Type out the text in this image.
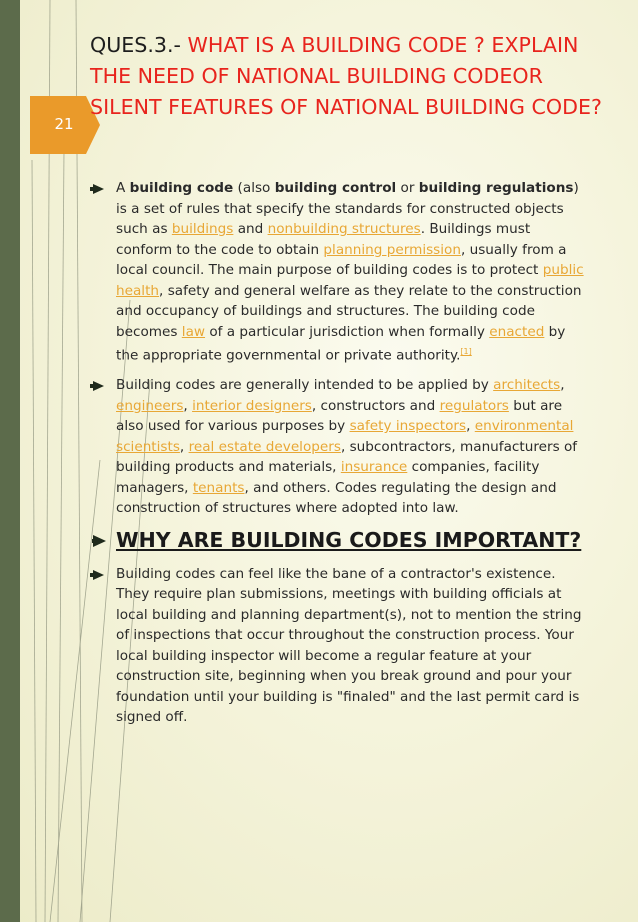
21
QUES.3.- WHAT IS A BUILDING CODE ? EXPLAIN THE NEED OF NATIONAL BUILDING CODEOR SILENT FEATURES OF NATIONAL BUILDING CODE?
A building code (also building control or building regulations) is a set of rules that specify the standards for constructed objects such as buildings and nonbuilding structures. Buildings must conform to the code to obtain planning permission, usually from a local council. The main purpose of building codes is to protect public health, safety and general welfare as they relate to the construction and occupancy of buildings and structures. The building code becomes law of a particular jurisdiction when formally enacted by the appropriate governmental or private authority.[1]
Building codes are generally intended to be applied by architects, engineers, interior designers, constructors and regulators but are also used for various purposes by safety inspectors, environmental scientists, real estate developers, subcontractors, manufacturers of building products and materials, insurance companies, facility managers, tenants, and others. Codes regulating the design and construction of structures where adopted into law.
WHY ARE BUILDING CODES IMPORTANT?
Building codes can feel like the bane of a contractor's existence. They require plan submissions, meetings with building officials at local building and planning department(s), not to mention the string of inspections that occur throughout the construction process. Your local building inspector will become a regular feature at your construction site, beginning when you break ground and pour your foundation until your building is "finaled" and the last permit card is signed off.
